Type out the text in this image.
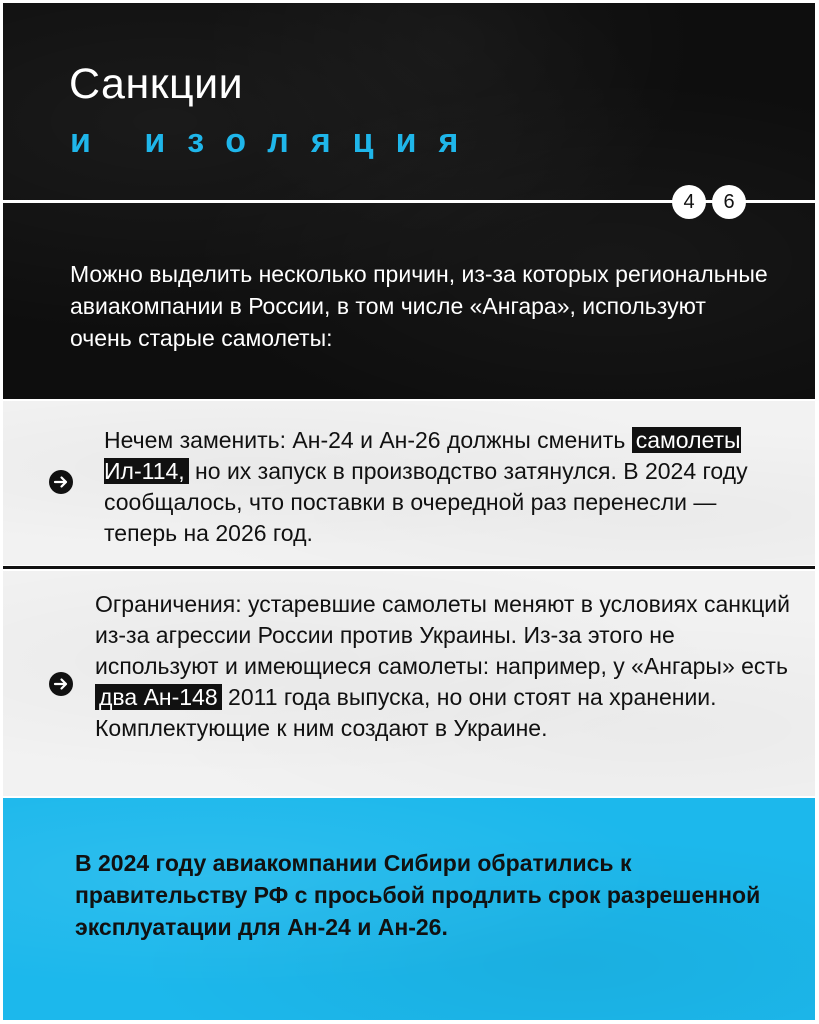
Санкции
и изоляция
4	6
Можно выделить несколько причин, из-за которых региональные авиакомпании в России, в том числе «Ангара», используют очень старые самолеты:
Нечем заменить: Ан-24 и Ан-26 должны сменить самолеты Ил-114, но их запуск в производство затянулся. В 2024 году сообщалось, что поставки в очередной раз перенесли — теперь на 2026 год.
Ограничения: устаревшие самолеты меняют в условиях санкций из-за агрессии России против Украины. Из-за этого не используют и имеющиеся самолеты: например, у «Ангары» есть два Ан-148 2011 года выпуска, но они стоят на хранении. Комплектующие к ним создают в Украине.
В 2024 году авиакомпании Сибири обратились к правительству РФ с просьбой продлить срок разрешенной эксплуатации для Ан-24 и Ан-26.
